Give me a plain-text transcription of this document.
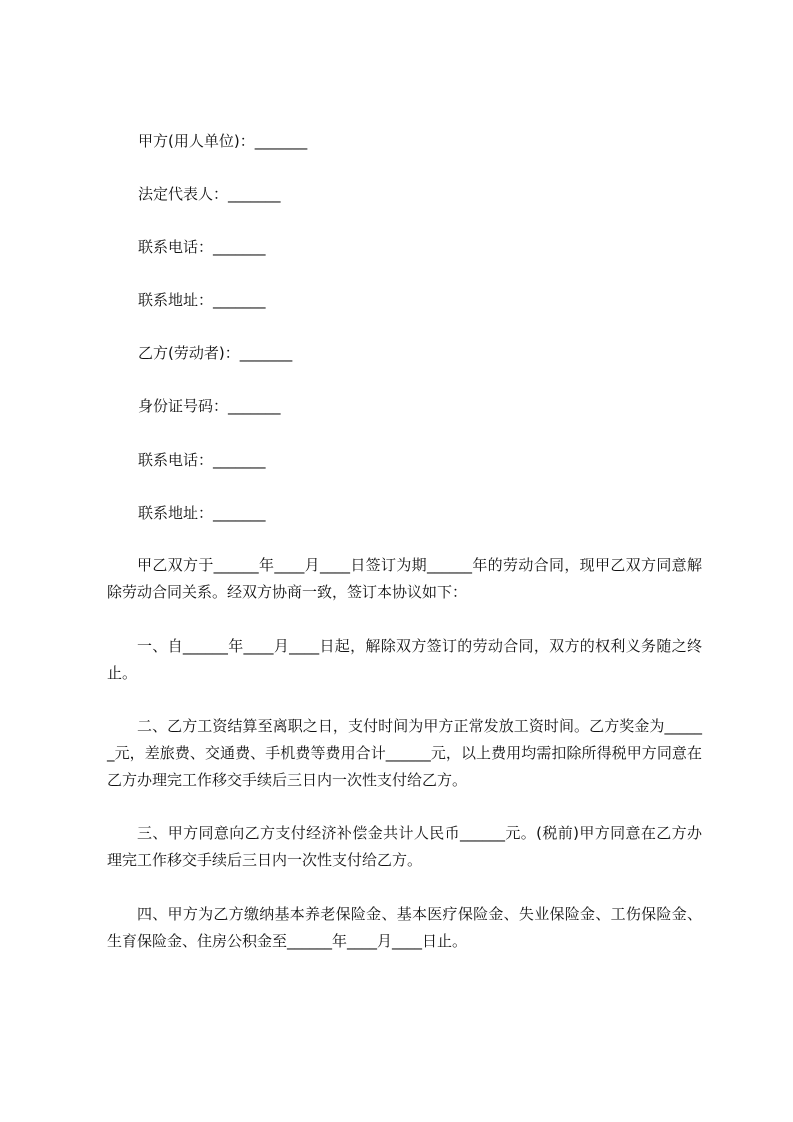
甲方(用人单位)：_______
法定代表人：_______
联系电话：_______
联系地址：_______
乙方(劳动者)：_______
身份证号码：_______
联系电话：_______
联系地址：_______
甲乙双方于______年____月____日签订为期______年的劳动合同，现甲乙双方同意解除劳动合同关系。经双方协商一致，签订本协议如下：
一、自______年____月____日起，解除双方签订的劳动合同，双方的权利义务随之终止。
二、乙方工资结算至离职之日，支付时间为甲方正常发放工资时间。乙方奖金为______元，差旅费、交通费、手机费等费用合计______元，以上费用均需扣除所得税甲方同意在乙方办理完工作移交手续后三日内一次性支付给乙方。
三、甲方同意向乙方支付经济补偿金共计人民币______元。(税前)甲方同意在乙方办理完工作移交手续后三日内一次性支付给乙方。
四、甲方为乙方缴纳基本养老保险金、基本医疗保险金、失业保险金、工伤保险金、生育保险金、住房公积金至______年____月____日止。
